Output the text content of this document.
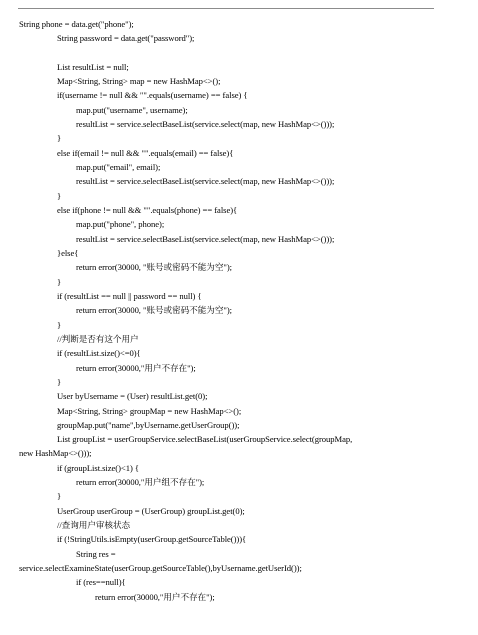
String phone = data.get("phone");
String password = data.get("password");
List resultList = null;
Map<String, String> map = new HashMap<>();
if(username != null && "".equals(username) == false) {
map.put("username", username);
resultList = service.selectBaseList(service.select(map, new HashMap<>()));
}
else if(email != null && "".equals(email) == false){
map.put("email", email);
resultList = service.selectBaseList(service.select(map, new HashMap<>()));
}
else if(phone != null && "".equals(phone) == false){
map.put("phone", phone);
resultList = service.selectBaseList(service.select(map, new HashMap<>()));
}else{
return error(30000, "账号或密码不能为空");
}
if (resultList == null || password == null) {
return error(30000, "账号或密码不能为空");
}
//判断是否有这个用户
if (resultList.size()<=0){
return error(30000,"用户不存在");
}
User byUsername = (User) resultList.get(0);
Map<String, String> groupMap = new HashMap<>();
groupMap.put("name",byUsername.getUserGroup());
List groupList = userGroupService.selectBaseList(userGroupService.select(groupMap,
new HashMap<>()));
if (groupList.size()<1) {
return error(30000,"用户组不存在");
}
UserGroup userGroup = (UserGroup) groupList.get(0);
//查询用户审核状态
if (!StringUtils.isEmpty(userGroup.getSourceTable())){
String res =
service.selectExamineState(userGroup.getSourceTable(),byUsername.getUserId());
if (res==null){
return error(30000,"用户不存在");
